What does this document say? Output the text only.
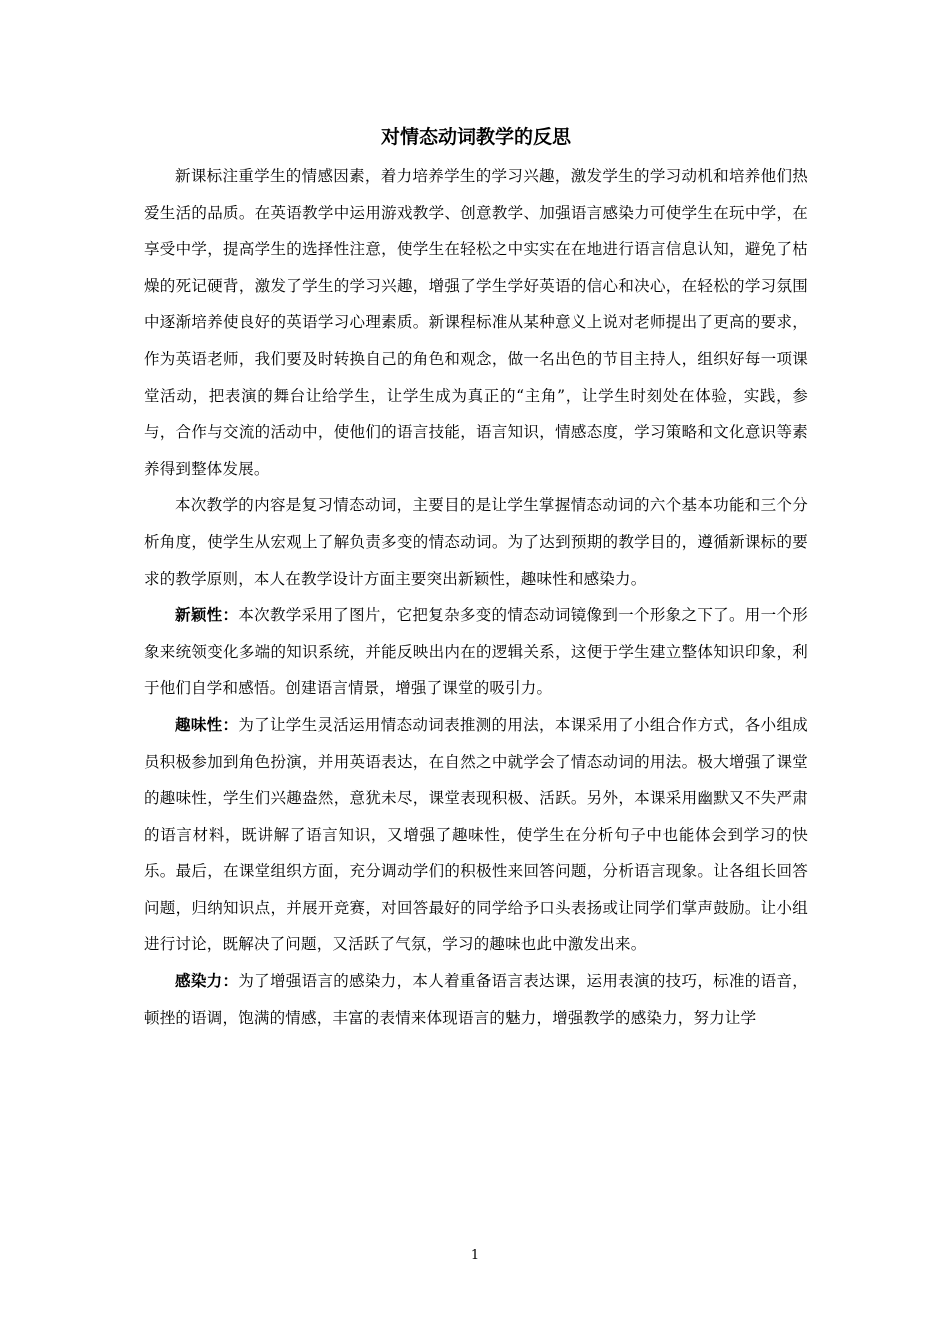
对情态动词教学的反思

新课标注重学生的情感因素，着力培养学生的学习兴趣，激发学生的学习动机和培养他们热爱生活的品质。在英语教学中运用游戏教学、创意教学、加强语言感染力可使学生在玩中学，在享受中学，提高学生的选择性注意，使学生在轻松之中实实在在地进行语言信息认知，避免了枯燥的死记硬背，激发了学生的学习兴趣，增强了学生学好英语的信心和决心，在轻松的学习氛围中逐渐培养使良好的英语学习心理素质。新课程标准从某种意义上说对老师提出了更高的要求，作为英语老师，我们要及时转换自己的角色和观念，做一名出色的节目主持人，组织好每一项课堂活动，把表演的舞台让给学生，让学生成为真正的“主角”，让学生时刻处在体验，实践，参与，合作与交流的活动中，使他们的语言技能，语言知识，情感态度，学习策略和文化意识等素养得到整体发展。

本次教学的内容是复习情态动词，主要目的是让学生掌握情态动词的六个基本功能和三个分析角度，使学生从宏观上了解负责多变的情态动词。为了达到预期的教学目的，遵循新课标的要求的教学原则，本人在教学设计方面主要突出新颖性，趣味性和感染力。

新颖性：本次教学采用了图片，它把复杂多变的情态动词镜像到一个形象之下了。用一个形象来统领变化多端的知识系统，并能反映出内在的逻辑关系，这便于学生建立整体知识印象，利于他们自学和感悟。创建语言情景，增强了课堂的吸引力。

趣味性：为了让学生灵活运用情态动词表推测的用法，本课采用了小组合作方式，各小组成员积极参加到角色扮演，并用英语表达，在自然之中就学会了情态动词的用法。极大增强了课堂的趣味性，学生们兴趣盎然，意犹未尽，课堂表现积极、活跃。另外，本课采用幽默又不失严肃的语言材料，既讲解了语言知识，又增强了趣味性，使学生在分析句子中也能体会到学习的快乐。最后，在课堂组织方面，充分调动学们的积极性来回答问题，分析语言现象。让各组长回答问题，归纳知识点，并展开竞赛，对回答最好的同学给予口头表扬或让同学们掌声鼓励。让小组进行讨论，既解决了问题，又活跃了气氛，学习的趣味也此中激发出来。

感染力：为了增强语言的感染力，本人着重备语言表达课，运用表演的技巧，标准的语音，顿挫的语调，饱满的情感，丰富的表情来体现语言的魅力，增强教学的感染力，努力让学

1
